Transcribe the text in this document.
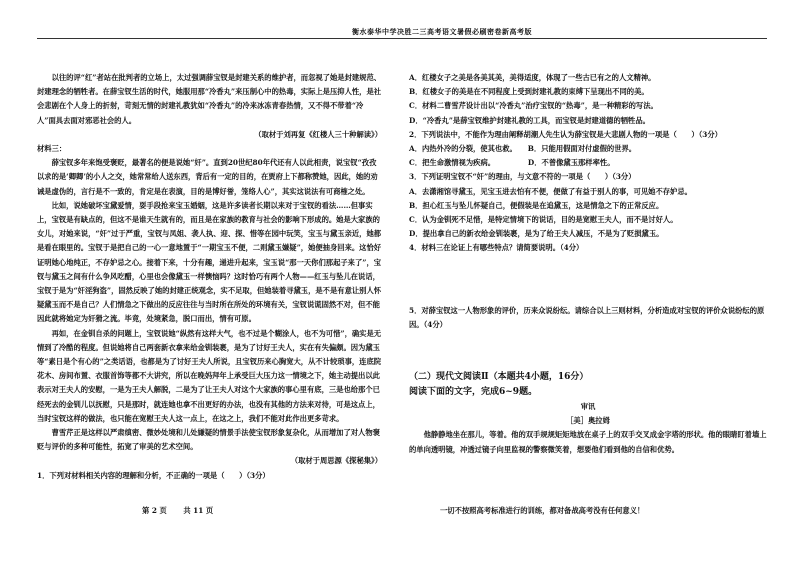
衡水泰华中学决胜二三高考语文暑假必刷密卷新高考版

以往的评“红”者站在批判者的立场上，太过强调薛宝钗是封建关系的维护者，而忽视了她是封建规范、封建理念的牺牲者。在薛宝钗生活的时代，她服用那“冷香丸”来压制心中的热毒，实际上是压抑人性，是社会悲剧在个人身上的折射，苛刻无情的封建礼教犹如“冷香丸”的冷来冰冻青春热情，又不得不带着“冷人”面具去面对邪恶社会的人。

（取材于刘再复《红楼人三十种解读》）

材料三：

薛宝钗多年来饱受褒贬，最著名的便是说她“奸”。直到20世纪80年代还有人以此相责，说宝钗“孜孜以求的是‘卿卿’的小人之交，她常常给人送东西，背后有一定的目的，在贾府上下都称赞她，因此，她的劝诫是虚伪的，言行是不一致的，肯定是在表演，目的是博好誉，笼络人心”，其实这说法有可商榷之处。

比如，说她破坏宝黛爱情，耍手段抢来宝玉婚姻，这是许多读者长期以来对于宝钗的看法……但事实上，宝钗是有缺点的，但这不是谁天生就有的，而且是在家族的教育与社会的影响下形成的。她是大家族的女儿，对她来说，“奸”过于严重，宝钗与凤姐、袭人执、迎、探、惜等在园中玩笑，宝玉与黛玉亲近，她都是看在眼里的。宝钗于是把自己的一心一意地置于“一期宝玉不便，二则黛玉嫌疑”，她便抽身回来。这恰好证明她心地纯正，不存妒忌之心。接着下来，十分有趣，递进升起来，宝玉说“那一天你们那起子来了”，宝钗与黛玉之间有什么争风吃醋，心里也会像黛玉一样懊恼吗？这时恰巧有两个人物——红玉与坠儿在说话，宝钗于是为“奸淫狗盗”，固然反映了她的封建正统观念，实不足取，但她装着寻黛玉，是不是有意让别人怀疑黛玉而不是自己？人们情急之下做出的反应往往与当时所在所处的环境有关，宝钗说谎固然不对，但不能因此就将她定为奸猾之流。毕竟，处境紧急，脱口而出，情有可原。

再如，在金钏自杀的问题上，宝钗说她“纵然有这样大气，也不过是个糊涂人，也不为可惜”，确实是无情到了冷酷的程度。但说她将自己两套新衣拿来给金钏装裹，是为了讨好王夫人，实在有失偏颇。因为黛玉等“素日是个有心的”之类话语，也都是为了讨好王夫人所说，且宝钗历来心胸宽大，从不计较琐事，连底院花木、房间布置、衣服首饰等都不大讲究，所以在晚妈拜年上承受巨大压力这一情境之下，她主动提出以此表示对王夫人的安慰，一是为王夫人解脱，二是为了让王夫人对这个大家族的事心里有底，三是也给那个已经死去的金钏儿以抚慰，只是那时，就连她也拿不出更好的办法，也没有其他的方法来对待，可是这点上，当时宝钗这样的做法，也只能在宽慰王夫人这一点上，在这之上，我们不能对此作出更多苛求。

曹雪芹正是这样以严肃缜密、微妙处境和儿处嫌疑的情景手法使宝钗形象复杂化，从而增加了对人物褒贬与评价的多种可能性，拓宽了审美的艺术空间。

（取材于周思源《探秘集》）

1．下列对材料相关内容的理解和分析，不正确的一项是（　　）（3分）

A．红楼女子之美是各美其美，美得适度，体现了一些古已有之的人文精神。

B．红楼女子的美是在不同程度上受到封建礼教的束缚下呈现出不同的美。

C．材料二曹雪芹设计出以“冷香丸”治疗宝钗的“热毒”，是一种精彩的写法。

D．“冷香丸”是薛宝钗维护封建礼教的工具，而宝钗是封建道德的牺牲品。

2．下列说法中，不能作为理由阐释胡潮人先生认为薛宝钗是大悲剧人物的一项是（　　）（3分）

A．内热外冷的分裂，使其也救。　　B．只能用假面对付虚假的世界。

C．把生命激情视为疾病。　　　　　D．不曾像黛玉那样率性。

3．下列证明宝钗不“奸”的理由，与文意不符的一项是（　　）（3分）

A．去潇湘馆寻黛玉，见宝玉进去怕有不便，便做了有益于别人的事，可见她不存妒忌。

B．担心红玉与坠儿怀疑自己，便假装是在追黛玉，这是情急之下的正常反应。

C．认为金钏死不足惜，是特定情境下的说话，目的是宽慰王夫人，而不是讨好人。

D．提出拿自己的新衣给金钏装裹，是为了给王夫人减压，不是为了贬损黛玉。

4．材料三在论证上有哪些特点？请简要说明。（4分）

5．对薛宝钗这一人物形象的评价，历来众说纷纭。请综合以上三则材料，分析造成对宝钗的评价众说纷纭的原因。（4分）

（二）现代文阅读Ⅱ（本题共4小题，16分）

阅读下面的文字，完成6~9题。

审讯

［美］奥拉姆

他静静地坐在那儿，等着。他的双手规规矩矩地放在桌子上的双手交叉成金字塔的形状。他的眼睛盯着墙上的单向透明镜，冲透过镜子向里监视的警察微笑着，想要他们看到他的自信和优势。

第 2 页 共 11 页	一切不按照高考标准进行的训练，都对备战高考没有任何意义！
